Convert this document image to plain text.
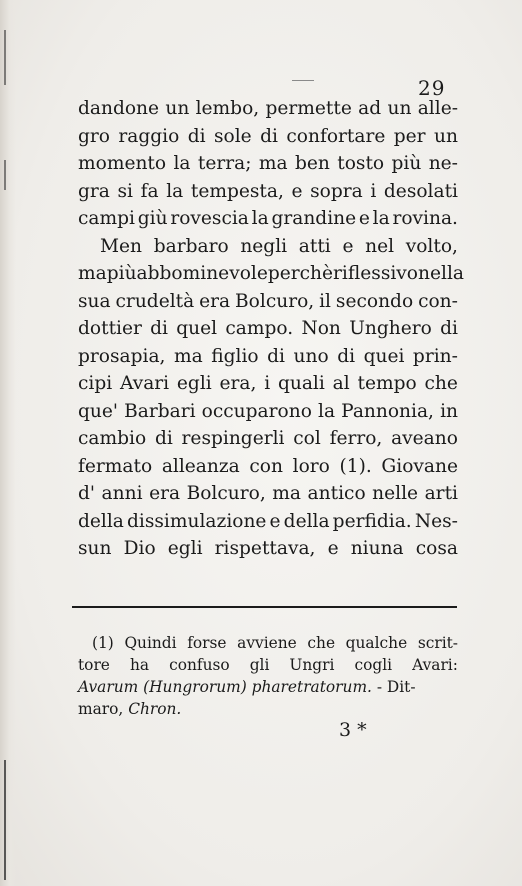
29
dandone un lembo, permette ad un alle-
gro raggio di sole di confortare per un
momento la terra; ma ben tosto più ne-
gra si fa la tempesta, e sopra i desolati
campi giù rovescia la grandine e la rovina.
Men barbaro negli atti e nel volto,
ma più abbominevole perchè riflessivo nella
sua crudeltà era Bolcuro, il secondo con-
dottier di quel campo. Non Unghero di
prosapia, ma figlio di uno di quei prin-
cipi Avari egli era, i quali al tempo che
que' Barbari occuparono la Pannonia, in
cambio di respingerli col ferro, aveano
fermato alleanza con loro (1). Giovane
d' anni era Bolcuro, ma antico nelle arti
della dissimulazione e della perfidia. Nes-
sun Dio egli rispettava, e niuna cosa
(1) Quindi forse avviene che qualche scrit-
tore ha confuso gli Ungri cogli Avari:
Avarum (Hungrorum) pharetratorum. - Dit-
maro, Chron.
3 *
